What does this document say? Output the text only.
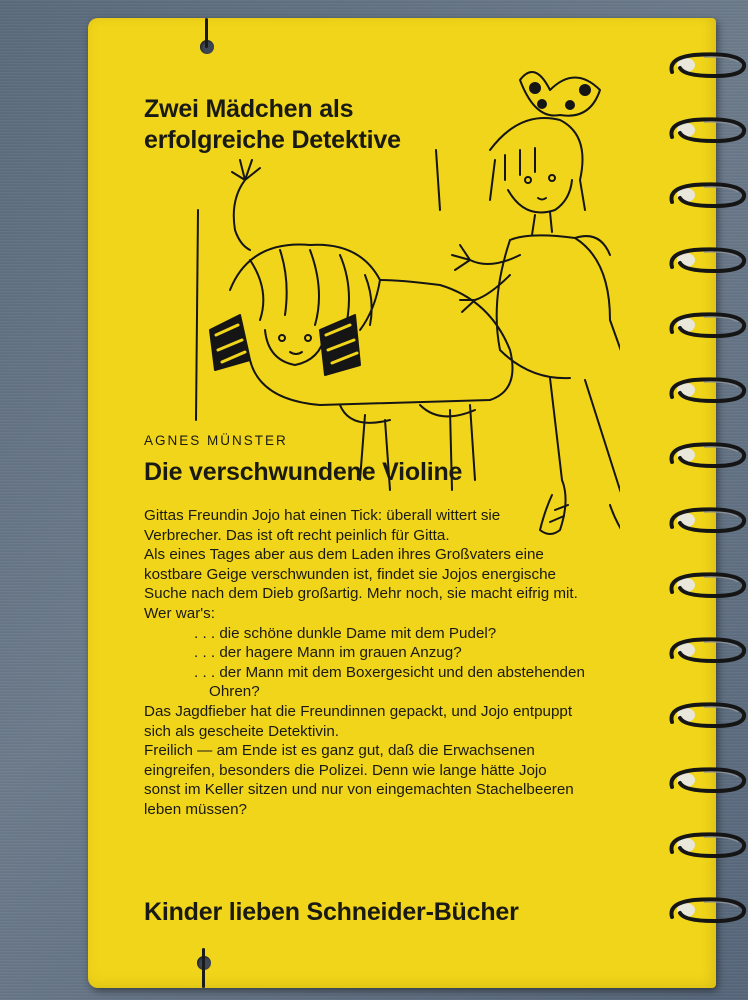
Zwei Mädchen als
erfolgreiche Detektive
AGNES MÜNSTER
Die verschwundene Violine

Gittas Freundin Jojo hat einen Tick: überall wittert sie

Verbrecher. Das ist oft recht peinlich für Gitta.

Als eines Tages aber aus dem Laden ihres Großvaters eine

kostbare Geige verschwunden ist, findet sie Jojos energische

Suche nach dem Dieb großartig. Mehr noch, sie macht eifrig mit.

Wer war's:

. . . die schöne dunkle Dame mit dem Pudel?

. . . der hagere Mann im grauen Anzug?

. . . der Mann mit dem Boxergesicht und den abstehenden

Ohren?

Das Jagdfieber hat die Freundinnen gepackt, und Jojo entpuppt

sich als gescheite Detektivin.

Freilich — am Ende ist es ganz gut, daß die Erwachsenen

eingreifen, besonders die Polizei. Denn wie lange hätte Jojo

sonst im Keller sitzen und nur von eingemachten Stachelbeeren

leben müssen?

Kinder lieben Schneider-Bücher
